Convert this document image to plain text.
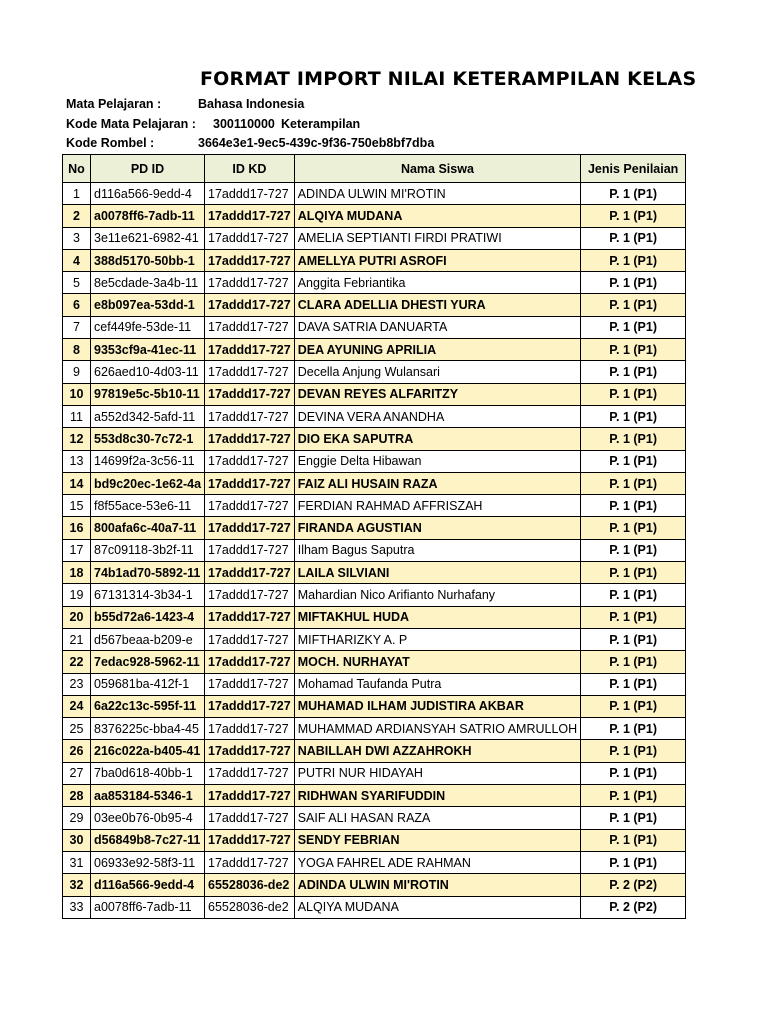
FORMAT IMPORT NILAI KETERAMPILAN KELAS
Mata Pelajaran :	Bahasa Indonesia
Kode Mata Pelajaran : 300110000 Keterampilan
Kode Rombel :	3664e3e1-9ec5-439c-9f36-750eb8bf7dba
No	PD ID	ID KD	Nama Siswa	Jenis Penilaian
1	d116a566-9edd-4	17addd17-727	ADINDA ULWIN MI'ROTIN	P. 1 (P1)
2	a0078ff6-7adb-11	17addd17-727	ALQIYA MUDANA	P. 1 (P1)
3	3e11e621-6982-41	17addd17-727	AMELIA SEPTIANTI FIRDI PRATIWI	P. 1 (P1)
4	388d5170-50bb-1	17addd17-727	AMELLYA PUTRI ASROFI	P. 1 (P1)
5	8e5cdade-3a4b-11	17addd17-727	Anggita Febriantika	P. 1 (P1)
6	e8b097ea-53dd-1	17addd17-727	CLARA ADELLIA DHESTI YURA	P. 1 (P1)
7	cef449fe-53de-11	17addd17-727	DAVA SATRIA DANUARTA	P. 1 (P1)
8	9353cf9a-41ec-11	17addd17-727	DEA AYUNING APRILIA	P. 1 (P1)
9	626aed10-4d03-11	17addd17-727	Decella Anjung Wulansari	P. 1 (P1)
10	97819e5c-5b10-11	17addd17-727	DEVAN REYES ALFARITZY	P. 1 (P1)
11	a552d342-5afd-11	17addd17-727	DEVINA VERA ANANDHA	P. 1 (P1)
12	553d8c30-7c72-1	17addd17-727	DIO EKA SAPUTRA	P. 1 (P1)
13	14699f2a-3c56-11	17addd17-727	Enggie Delta Hibawan	P. 1 (P1)
14	bd9c20ec-1e62-4a	17addd17-727	FAIZ ALI HUSAIN RAZA	P. 1 (P1)
15	f8f55ace-53e6-11	17addd17-727	FERDIAN RAHMAD AFFRISZAH	P. 1 (P1)
16	800afa6c-40a7-11	17addd17-727	FIRANDA AGUSTIAN	P. 1 (P1)
17	87c09118-3b2f-11	17addd17-727	Ilham Bagus Saputra	P. 1 (P1)
18	74b1ad70-5892-11	17addd17-727	LAILA SILVIANI	P. 1 (P1)
19	67131314-3b34-1	17addd17-727	Mahardian Nico Arifianto Nurhafany	P. 1 (P1)
20	b55d72a6-1423-4	17addd17-727	MIFTAKHUL HUDA	P. 1 (P1)
21	d567beaa-b209-e	17addd17-727	MIFTHARIZKY A. P	P. 1 (P1)
22	7edac928-5962-11	17addd17-727	MOCH. NURHAYAT	P. 1 (P1)
23	059681ba-412f-1	17addd17-727	Mohamad Taufanda Putra	P. 1 (P1)
24	6a22c13c-595f-11	17addd17-727	MUHAMAD ILHAM JUDISTIRA AKBAR	P. 1 (P1)
25	8376225c-bba4-45	17addd17-727	MUHAMMAD ARDIANSYAH SATRIO AMRULLOH	P. 1 (P1)
26	216c022a-b405-41	17addd17-727	NABILLAH DWI AZZAHROKH	P. 1 (P1)
27	7ba0d618-40bb-1	17addd17-727	PUTRI NUR HIDAYAH	P. 1 (P1)
28	aa853184-5346-1	17addd17-727	RIDHWAN SYARIFUDDIN	P. 1 (P1)
29	03ee0b76-0b95-4	17addd17-727	SAIF ALI HASAN RAZA	P. 1 (P1)
30	d56849b8-7c27-11	17addd17-727	SENDY FEBRIAN	P. 1 (P1)
31	06933e92-58f3-11	17addd17-727	YOGA FAHREL ADE RAHMAN	P. 1 (P1)
32	d116a566-9edd-4	65528036-de2	ADINDA ULWIN MI'ROTIN	P. 2 (P2)
33	a0078ff6-7adb-11	65528036-de2	ALQIYA MUDANA	P. 2 (P2)
